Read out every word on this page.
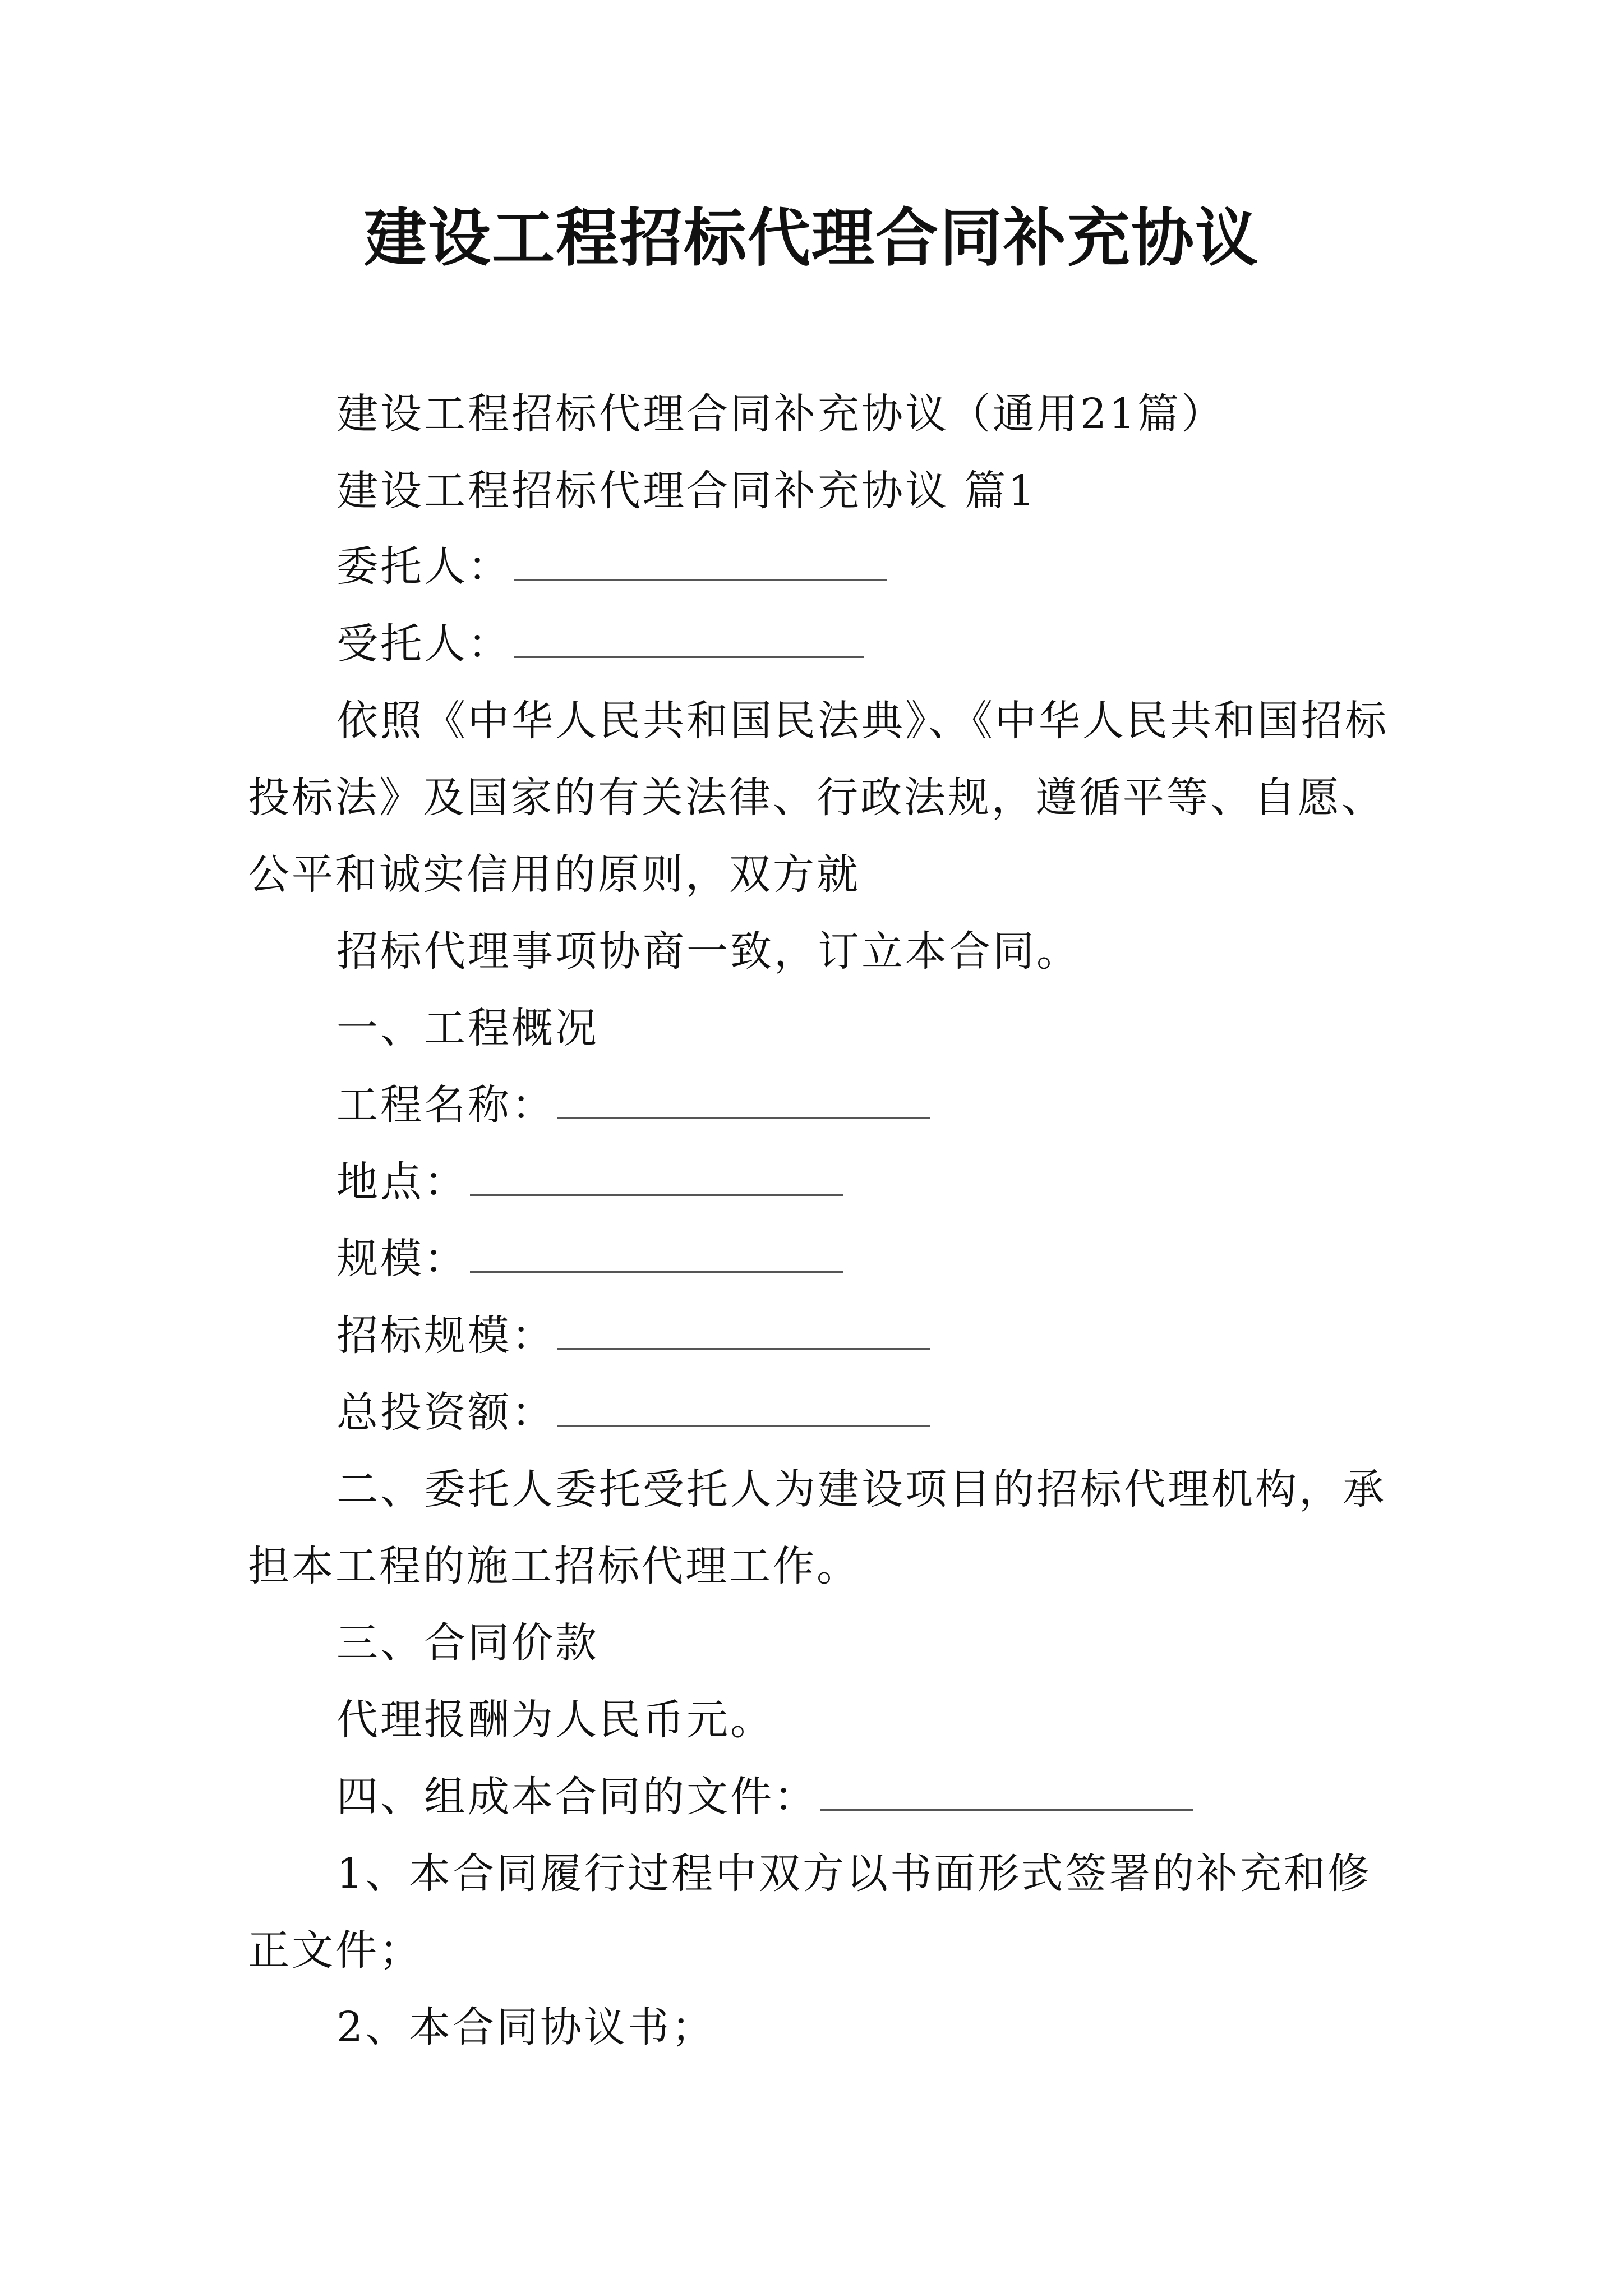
建设工程招标代理合同补充协议
建设工程招标代理合同补充协议（通用21篇）
建设工程招标代理合同补充协议 篇1
委托人：
受托人：
依照《中华人民共和国民法典》、《中华人民共和国招标
投标法》及国家的有关法律、行政法规，遵循平等、自愿、
公平和诚实信用的原则，双方就
招标代理事项协商一致，订立本合同。
一、工程概况
工程名称：
地点：
规模：
招标规模：
总投资额：
二、委托人委托受托人为建设项目的招标代理机构，承
担本工程的施工招标代理工作。
三、合同价款
代理报酬为人民币元。
四、组成本合同的文件：
1、本合同履行过程中双方以书面形式签署的补充和修
正文件；
2、本合同协议书；
